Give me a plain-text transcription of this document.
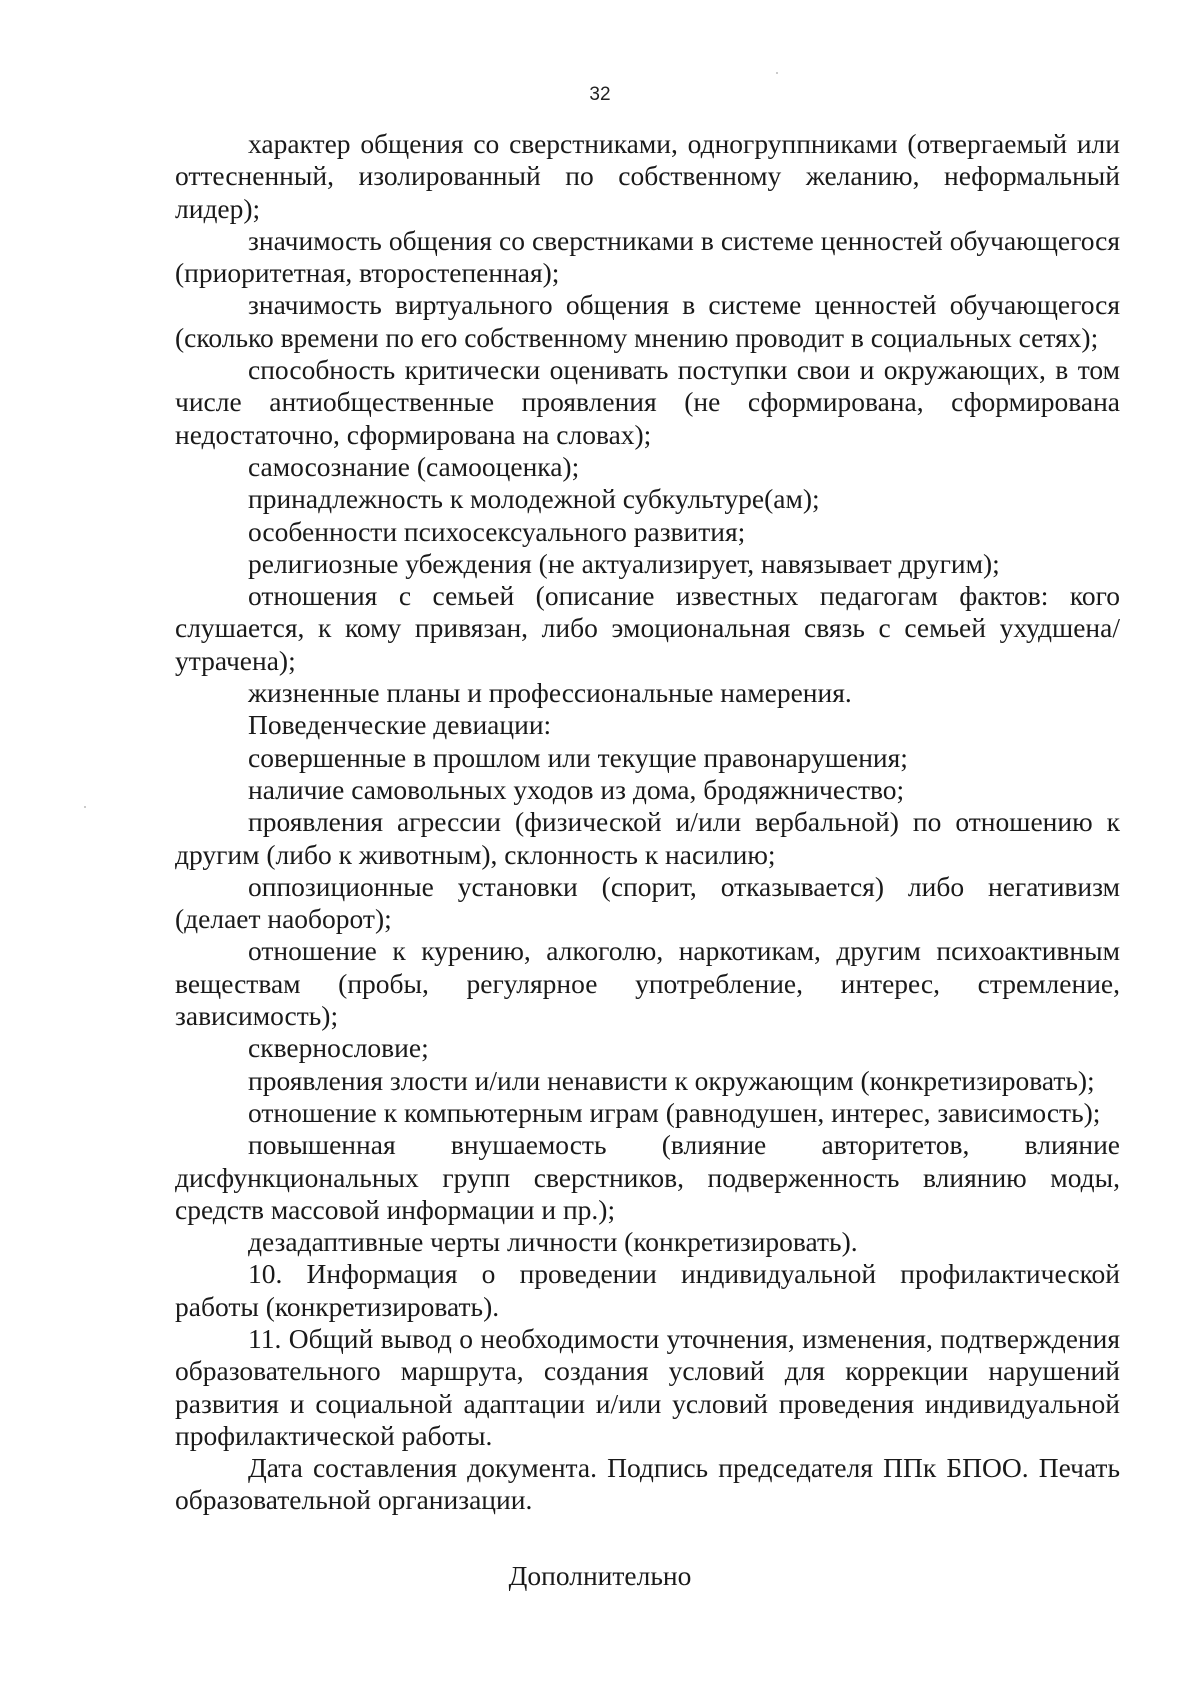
32

характер общения со сверстниками, одногруппниками (отвергаемый или оттесненный, изолированный по собственному желанию, неформальный лидер);

значимость общения со сверстниками в системе ценностей обучающегося (приоритетная, второстепенная);

значимость виртуального общения в системе ценностей обучающегося (сколько времени по его собственному мнению проводит в социальных сетях);

способность критически оценивать поступки свои и окружающих, в том числе антиобщественные проявления (не сформирована, сформирована недостаточно, сформирована на словах);

самосознание (самооценка);

принадлежность к молодежной субкультуре(ам);

особенности психосексуального развития;

религиозные убеждения (не актуализирует, навязывает другим);

отношения с семьей (описание известных педагогам фактов: кого слушается, к кому привязан, либо эмоциональная связь с семьей ухудшена/утрачена);

жизненные планы и профессиональные намерения.

Поведенческие девиации:

совершенные в прошлом или текущие правонарушения;

наличие самовольных уходов из дома, бродяжничество;

проявления агрессии (физической и/или вербальной) по отношению к другим (либо к животным), склонность к насилию;

оппозиционные установки (спорит, отказывается) либо негативизм (делает наоборот);

отношение к курению, алкоголю, наркотикам, другим психоактивным веществам (пробы, регулярное употребление, интерес, стремление, зависимость);

сквернословие;

проявления злости и/или ненависти к окружающим (конкретизировать);

отношение к компьютерным играм (равнодушен, интерес, зависимость);

повышенная внушаемость (влияние авторитетов, влияние дисфункциональных групп сверстников, подверженность влиянию моды, средств массовой информации и пр.);

дезадаптивные черты личности (конкретизировать).

10. Информация о проведении индивидуальной профилактической работы (конкретизировать).

11. Общий вывод о необходимости уточнения, изменения, подтверждения образовательного маршрута, создания условий для коррекции нарушений развития и социальной адаптации и/или условий проведения индивидуальной профилактической работы.

Дата составления документа. Подпись председателя ППк БПОО. Печать образовательной организации.

Дополнительно
